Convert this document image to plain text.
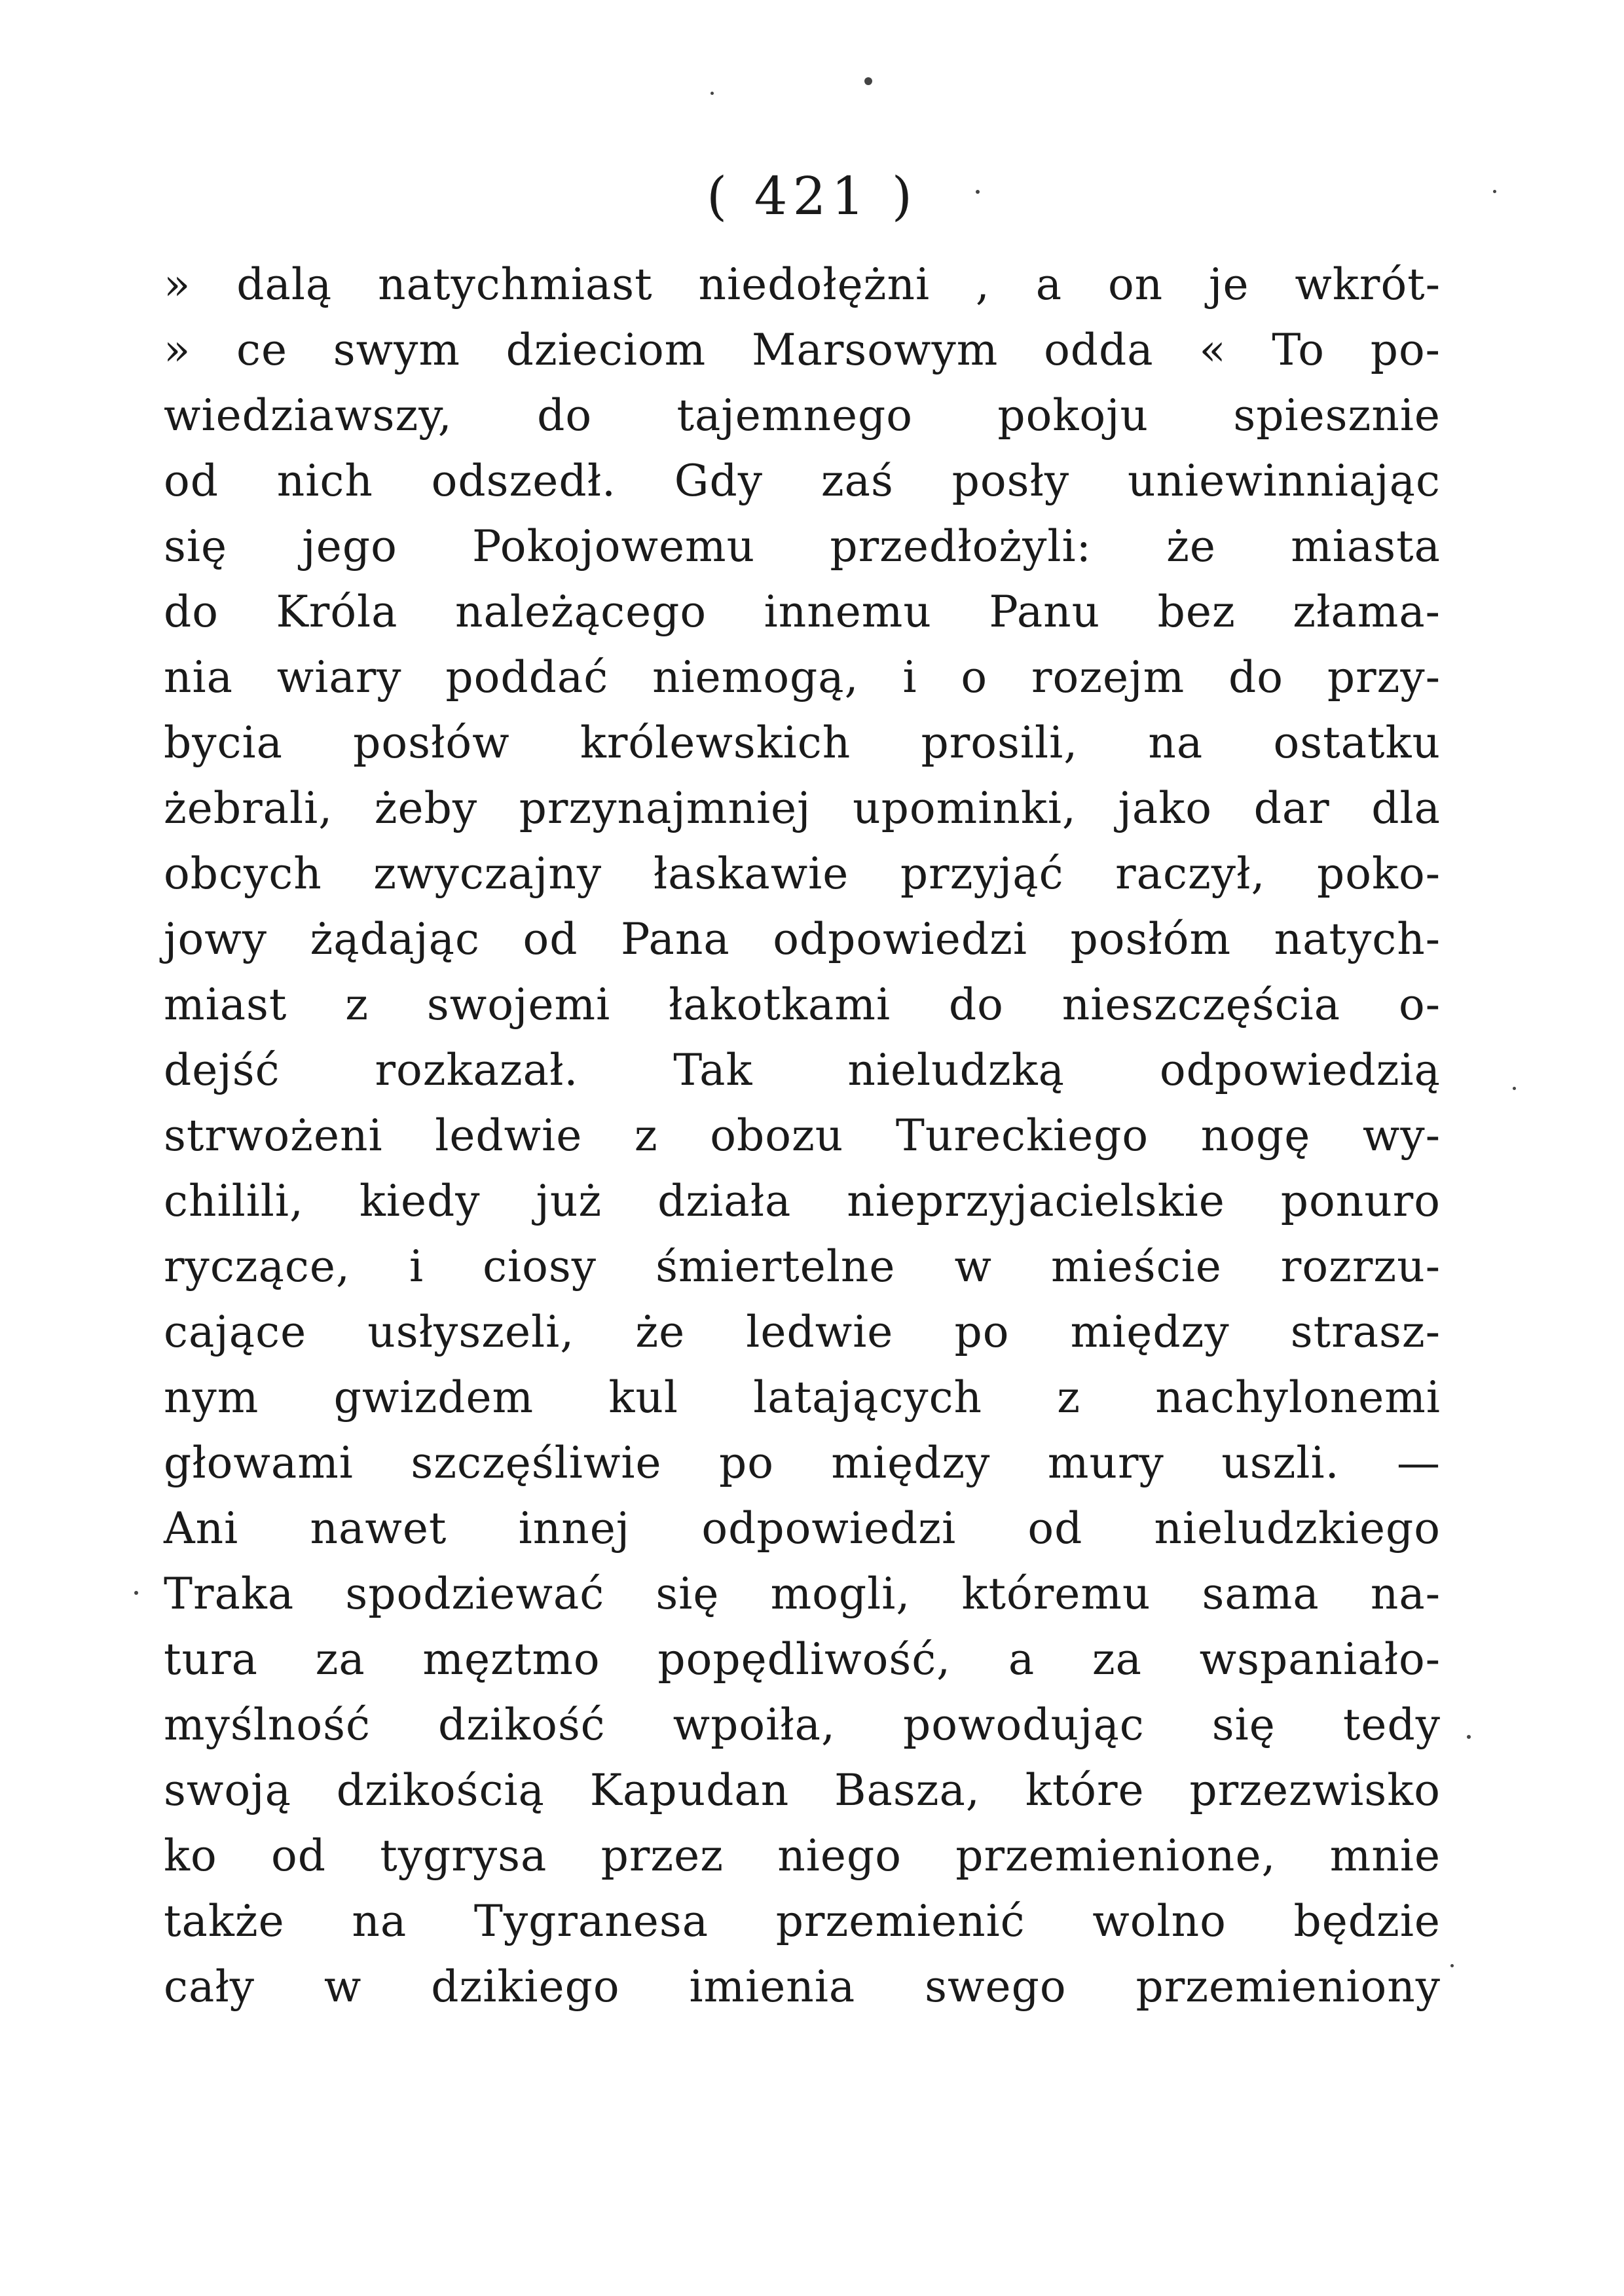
( 421 )
» dalą natychmiast niedołężni , a on je wkrót-
» ce swym dzieciom Marsowym odda « To po-
wiedziawszy, do tajemnego pokoju spiesznie
od nich odszedł. Gdy zaś posły uniewinniając
się jego Pokojowemu przedłożyli: że miasta
do Króla należącego innemu Panu bez złama-
nia wiary poddać niemogą, i o rozejm do przy-
bycia posłów królewskich prosili, na ostatku
żebrali, żeby przynajmniej upominki, jako dar dla
obcych zwyczajny łaskawie przyjąć raczył, poko-
jowy żądając od Pana odpowiedzi posłóm natych-
miast z swojemi łakotkami do nieszczęścia o-
dejść rozkazał. Tak nieludzką odpowiedzią
strwożeni ledwie z obozu Tureckiego nogę wy-
chilili, kiedy już działa nieprzyjacielskie ponuro
ryczące, i ciosy śmiertelne w mieście rozrzu-
cające usłyszeli, że ledwie po między strasz-
nym gwizdem kul latających z nachylonemi
głowami szczęśliwie po między mury uszli. —
Ani nawet innej odpowiedzi od nieludzkiego
Traka spodziewać się mogli, któremu sama na-
tura za męztmo popędliwość, a za wspaniało-
myślność dzikość wpoiła, powodując się tedy
swoją dzikością Kapudan Basza, które przezwisko
ko od tygrysa przez niego przemienione, mnie
także na Tygranesa przemienić wolno będzie
cały w dzikiego imienia swego przemieniony
